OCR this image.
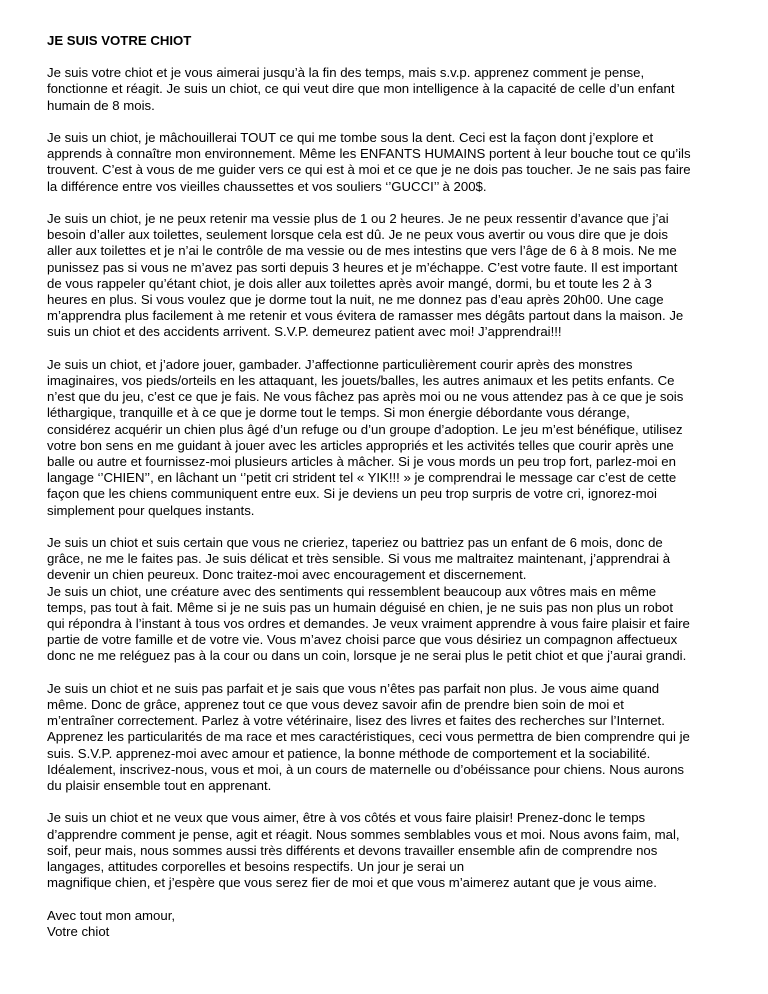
JE SUIS VOTRE CHIOT
Je suis votre chiot et je vous aimerai jusqu’à la fin des temps, mais s.v.p. apprenez comment je pense,
fonctionne et réagit. Je suis un chiot, ce qui veut dire que mon intelligence à la capacité de celle d’un enfant
humain de 8 mois.
Je suis un chiot, je mâchouillerai TOUT ce qui me tombe sous la dent. Ceci est la façon dont j’explore et
apprends à connaître mon environnement. Même les ENFANTS HUMAINS portent à leur bouche tout ce qu’ils
trouvent. C’est à vous de me guider vers ce qui est à moi et ce que je ne dois pas toucher. Je ne sais pas faire
la différence entre vos vieilles chaussettes et vos souliers ‘’GUCCI’’ à 200$.
Je suis un chiot, je ne peux retenir ma vessie plus de 1 ou 2 heures. Je ne peux ressentir d’avance que j’ai
besoin d’aller aux toilettes, seulement lorsque cela est dû. Je ne peux vous avertir ou vous dire que je dois
aller aux toilettes et je n’ai le contrôle de ma vessie ou de mes intestins que vers l’âge de 6 à 8 mois. Ne me
punissez pas si vous ne m’avez pas sorti depuis 3 heures et je m’échappe. C’est votre faute. Il est important
de vous rappeler qu’étant chiot, je dois aller aux toilettes après avoir mangé, dormi, bu et toute les 2 à 3
heures en plus. Si vous voulez que je dorme tout la nuit, ne me donnez pas d’eau après 20h00. Une cage
m’apprendra plus facilement à me retenir et vous évitera de ramasser mes dégâts partout dans la maison. Je
suis un chiot et des accidents arrivent. S.V.P. demeurez patient avec moi! J’apprendrai!!!
Je suis un chiot, et j’adore jouer, gambader. J’affectionne particulièrement courir après des monstres
imaginaires, vos pieds/orteils en les attaquant, les jouets/balles, les autres animaux et les petits enfants. Ce
n’est que du jeu, c’est ce que je fais. Ne vous fâchez pas après moi ou ne vous attendez pas à ce que je sois
léthargique, tranquille et à ce que je dorme tout le temps. Si mon énergie débordante vous dérange,
considérez acquérir un chien plus âgé d’un refuge ou d’un groupe d’adoption. Le jeu m’est bénéfique, utilisez
votre bon sens en me guidant à jouer avec les articles appropriés et les activités telles que courir après une
balle ou autre et fournissez-moi plusieurs articles à mâcher. Si je vous mords un peu trop fort, parlez-moi en
langage ‘’CHIEN’’, en lâchant un ‘’petit cri strident tel « YIK!!! » je comprendrai le message car c’est de cette
façon que les chiens communiquent entre eux. Si je deviens un peu trop surpris de votre cri, ignorez-moi
simplement pour quelques instants.
Je suis un chiot et suis certain que vous ne crieriez, taperiez ou battriez pas un enfant de 6 mois, donc de
grâce, ne me le faites pas. Je suis délicat et très sensible. Si vous me maltraitez maintenant, j’apprendrai à
devenir un chien peureux. Donc traitez-moi avec encouragement et discernement.
Je suis un chiot, une créature avec des sentiments qui ressemblent beaucoup aux vôtres mais en même
temps, pas tout à fait. Même si je ne suis pas un humain déguisé en chien, je ne suis pas non plus un robot
qui répondra à l’instant à tous vos ordres et demandes. Je veux vraiment apprendre à vous faire plaisir et faire
partie de votre famille et de votre vie. Vous m’avez choisi parce que vous désiriez un compagnon affectueux
donc ne me reléguez pas à la cour ou dans un coin, lorsque je ne serai plus le petit chiot et que j’aurai grandi.
Je suis un chiot et ne suis pas parfait et je sais que vous n’êtes pas parfait non plus. Je vous aime quand
même. Donc de grâce, apprenez tout ce que vous devez savoir afin de prendre bien soin de moi et
m’entraîner correctement. Parlez à votre vétérinaire, lisez des livres et faites des recherches sur l’Internet.
Apprenez les particularités de ma race et mes caractéristiques, ceci vous permettra de bien comprendre qui je
suis. S.V.P. apprenez-moi avec amour et patience, la bonne méthode de comportement et la sociabilité.
Idéalement, inscrivez-nous, vous et moi, à un cours de maternelle ou d’obéissance pour chiens. Nous aurons
du plaisir ensemble tout en apprenant.
Je suis un chiot et ne veux que vous aimer, être à vos côtés et vous faire plaisir! Prenez-donc le temps
d’apprendre comment je pense, agit et réagit. Nous sommes semblables vous et moi. Nous avons faim, mal,
soif, peur mais, nous sommes aussi très différents et devons travailler ensemble afin de comprendre nos
langages, attitudes corporelles et besoins respectifs. Un jour je serai un
magnifique chien, et j’espère que vous serez fier de moi et que vous m’aimerez autant que je vous aime.
Avec tout mon amour,
Votre chiot
